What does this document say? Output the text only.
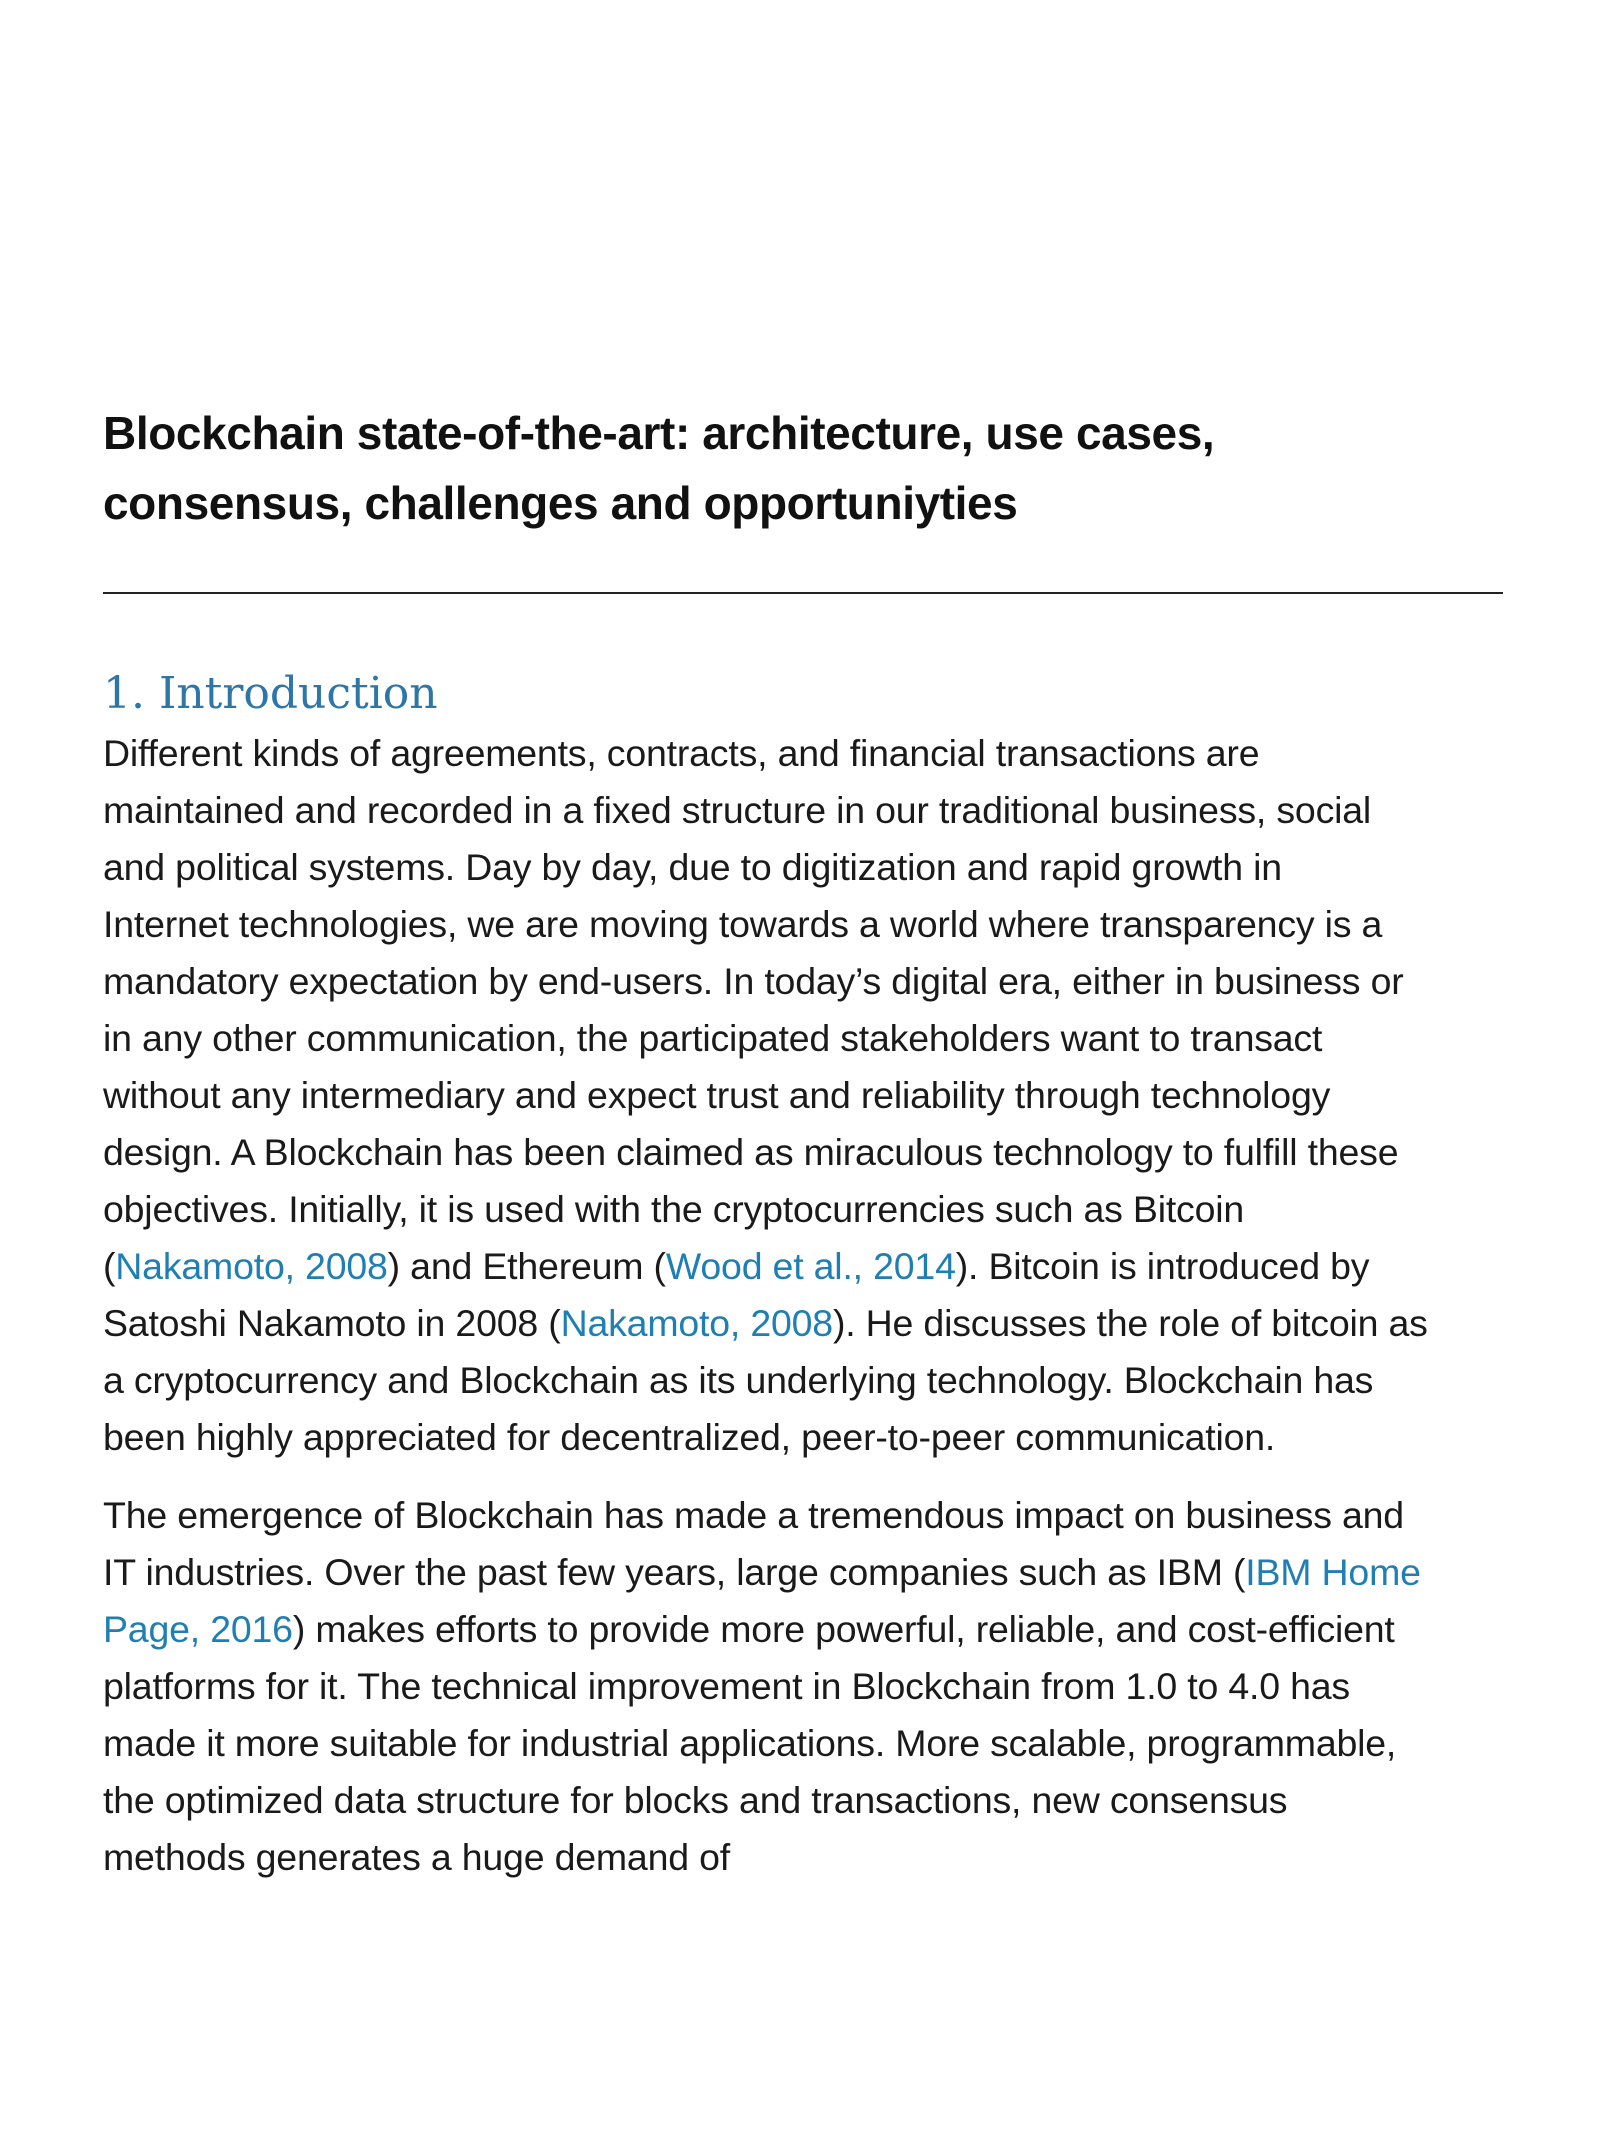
Blockchain state-of-the-art: architecture, use cases,
consensus, challenges and opportuniyties
1. Introduction

Different kinds of agreements, contracts, and financial transactions are
maintained and recorded in a fixed structure in our traditional business, social
and political systems. Day by day, due to digitization and rapid growth in
Internet technologies, we are moving towards a world where transparency is a
mandatory expectation by end-users. In today’s digital era, either in business or
in any other communication, the participated stakeholders want to transact
without any intermediary and expect trust and reliability through technology
design. A Blockchain has been claimed as miraculous technology to fulfill these
objectives. Initially, it is used with the cryptocurrencies such as Bitcoin
(Nakamoto, 2008) and Ethereum (Wood et al., 2014). Bitcoin is introduced by
Satoshi Nakamoto in 2008 (Nakamoto, 2008). He discusses the role of bitcoin as
a cryptocurrency and Blockchain as its underlying technology. Blockchain has
been highly appreciated for decentralized, peer-to-peer communication.

The emergence of Blockchain has made a tremendous impact on business and
IT industries. Over the past few years, large companies such as IBM (IBM Home
Page, 2016) makes efforts to provide more powerful, reliable, and cost-efficient
platforms for it. The technical improvement in Blockchain from 1.0 to 4.0 has
made it more suitable for industrial applications. More scalable, programmable,
the optimized data structure for blocks and transactions, new consensus
methods generates a huge demand of
